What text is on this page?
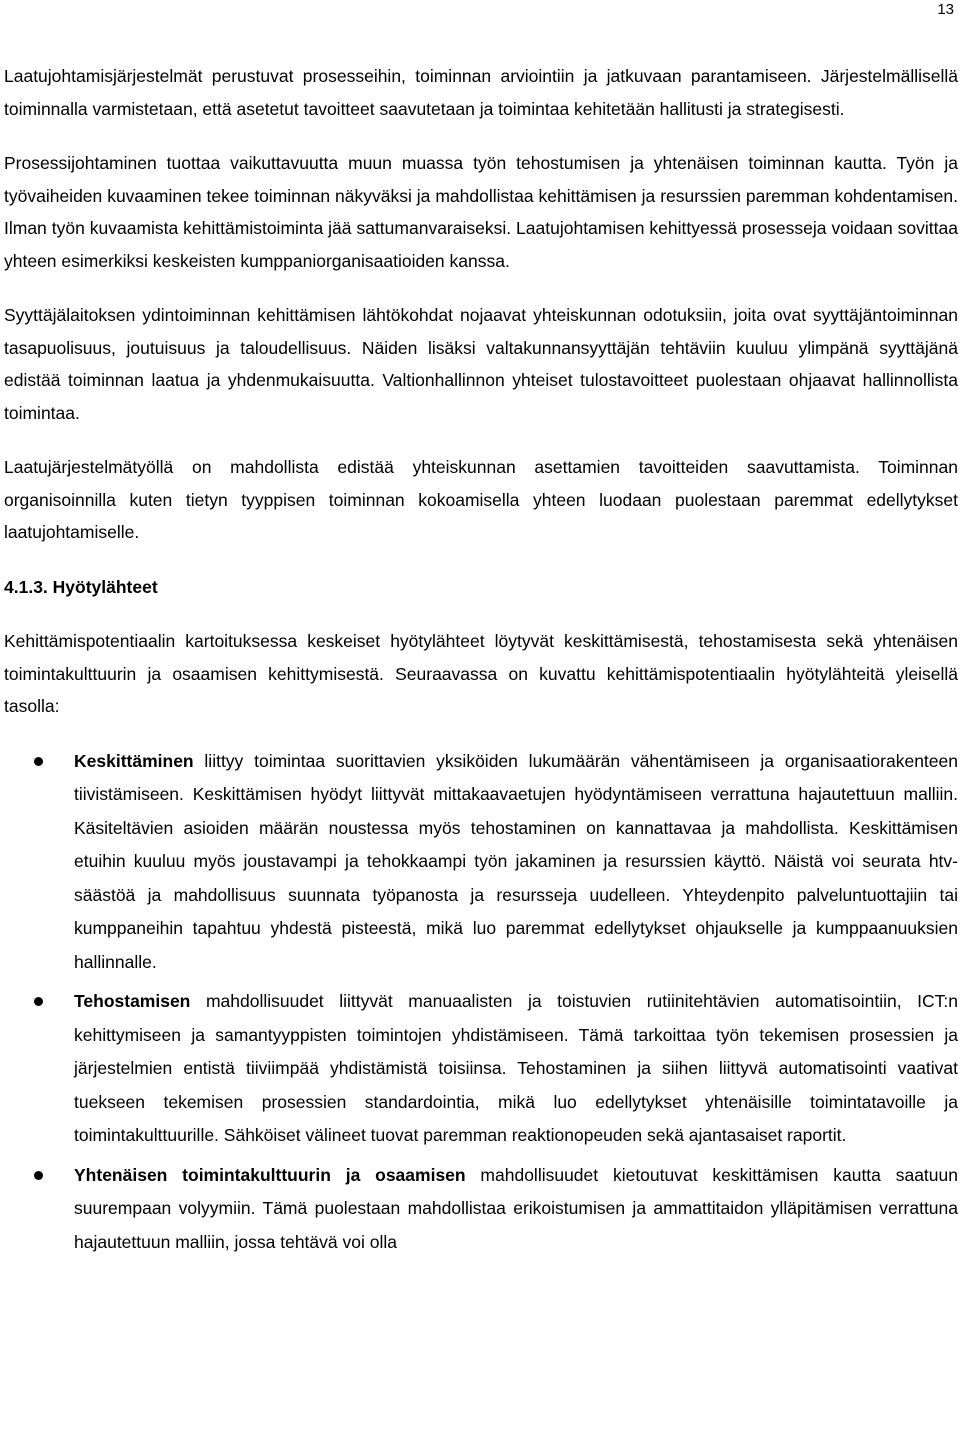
13

Laatujohtamisjärjestelmät perustuvat prosesseihin, toiminnan arviointiin ja jatkuvaan parantamiseen. Järjestelmällisellä toiminnalla varmistetaan, että asetetut tavoitteet saavutetaan ja toimintaa kehitetään hallitusti ja strategisesti.

Prosessijohtaminen tuottaa vaikuttavuutta muun muassa työn tehostumisen ja yhtenäisen toiminnan kautta. Työn ja työvaiheiden kuvaaminen tekee toiminnan näkyväksi ja mahdollistaa kehittämisen ja resurssien paremman kohdentamisen. Ilman työn kuvaamista kehittämistoiminta jää sattumanvaraiseksi. Laatujohtamisen kehittyessä prosesseja voidaan sovittaa yhteen esimerkiksi keskeisten kumppaniorganisaatioiden kanssa.

Syyttäjälaitoksen ydintoiminnan kehittämisen lähtökohdat nojaavat yhteiskunnan odotuksiin, joita ovat syyttäjäntoiminnan tasapuolisuus, joutuisuus ja taloudellisuus. Näiden lisäksi valtakunnansyyttäjän tehtäviin kuuluu ylimpänä syyttäjänä edistää toiminnan laatua ja yhdenmukaisuutta. Valtionhallinnon yhteiset tulostavoitteet puolestaan ohjaavat hallinnollista toimintaa.

Laatujärjestelmätyöllä on mahdollista edistää yhteiskunnan asettamien tavoitteiden saavuttamista. Toiminnan organisoinnilla kuten tietyn tyyppisen toiminnan kokoamisella yhteen luodaan puolestaan paremmat edellytykset laatujohtamiselle.

4.1.3. Hyötylähteet

Kehittämispotentiaalin kartoituksessa keskeiset hyötylähteet löytyvät keskittämisestä, tehostamisesta sekä yhtenäisen toimintakulttuurin ja osaamisen kehittymisestä. Seuraavassa on kuvattu kehittämispotentiaalin hyötylähteitä yleisellä tasolla:

Keskittäminen liittyy toimintaa suorittavien yksiköiden lukumäärän vähentämiseen ja organisaatiorakenteen tiivistämiseen. Keskittämisen hyödyt liittyvät mittakaavaetujen hyödyntämiseen verrattuna hajautettuun malliin. Käsiteltävien asioiden määrän noustessa myös tehostaminen on kannattavaa ja mahdollista. Keskittämisen etuihin kuuluu myös joustavampi ja tehokkaampi työn jakaminen ja resurssien käyttö. Näistä voi seurata htv-säästöä ja mahdollisuus suunnata työpanosta ja resursseja uudelleen. Yhteydenpito palveluntuottajiin tai kumppaneihin tapahtuu yhdestä pisteestä, mikä luo paremmat edellytykset ohjaukselle ja kumppaanuuksien hallinnalle.
Tehostamisen mahdollisuudet liittyvät manuaalisten ja toistuvien rutiinitehtävien automatisointiin, ICT:n kehittymiseen ja samantyyppisten toimintojen yhdistämiseen. Tämä tarkoittaa työn tekemisen prosessien ja järjestelmien entistä tiiviimpää yhdistämistä toisiinsa. Tehostaminen ja siihen liittyvä automatisointi vaativat tuekseen tekemisen prosessien standardointia, mikä luo edellytykset yhtenäisille toimintatavoille ja toimintakulttuurille. Sähköiset välineet tuovat paremman reaktionopeuden sekä ajantasaiset raportit.
Yhtenäisen toimintakulttuurin ja osaamisen mahdollisuudet kietoutuvat keskittämisen kautta saatuun suurempaan volyymiin. Tämä puolestaan mahdollistaa erikoistumisen ja ammattitaidon ylläpitämisen verrattuna hajautettuun malliin, jossa tehtävä voi olla
